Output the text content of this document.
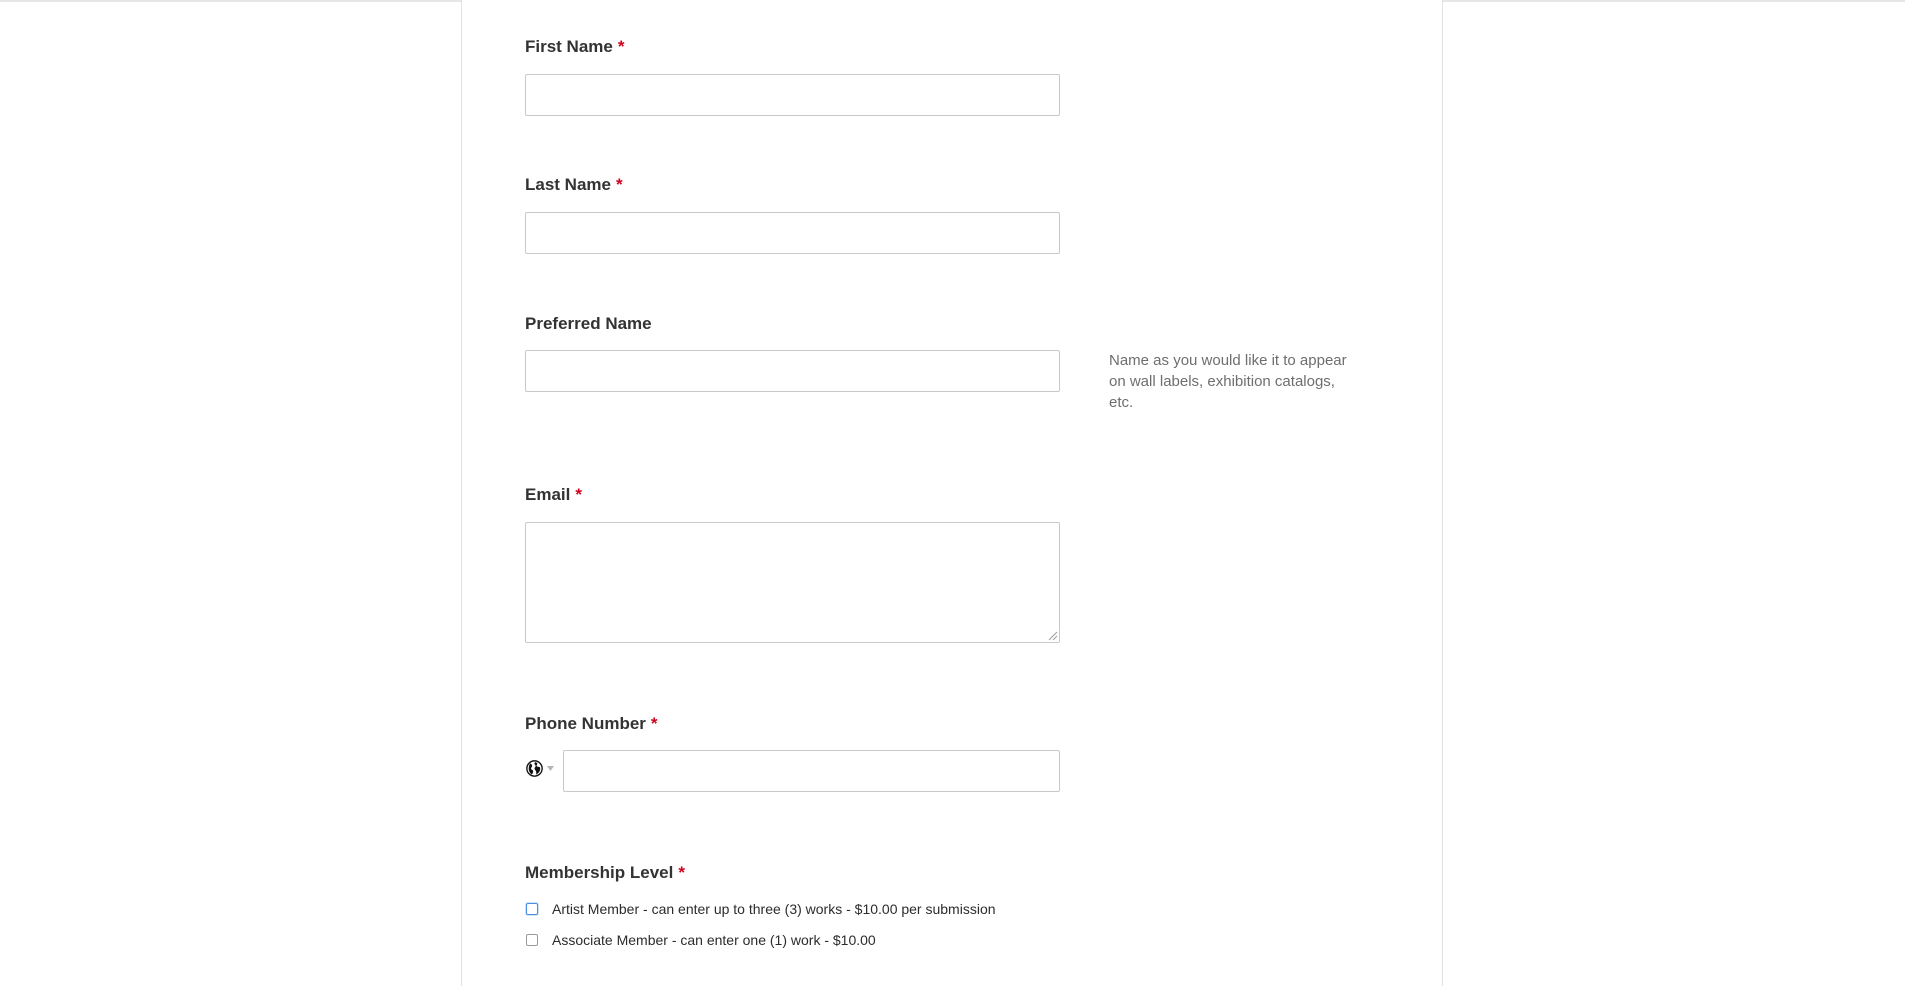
First Name *
Last Name *
Preferred Name
Name as you would like it to appear on wall labels, exhibition catalogs, etc.
Email *
Phone Number *
Membership Level *
Artist Member - can enter up to three (3) works - $10.00 per submission
Associate Member - can enter one (1) work - $10.00
